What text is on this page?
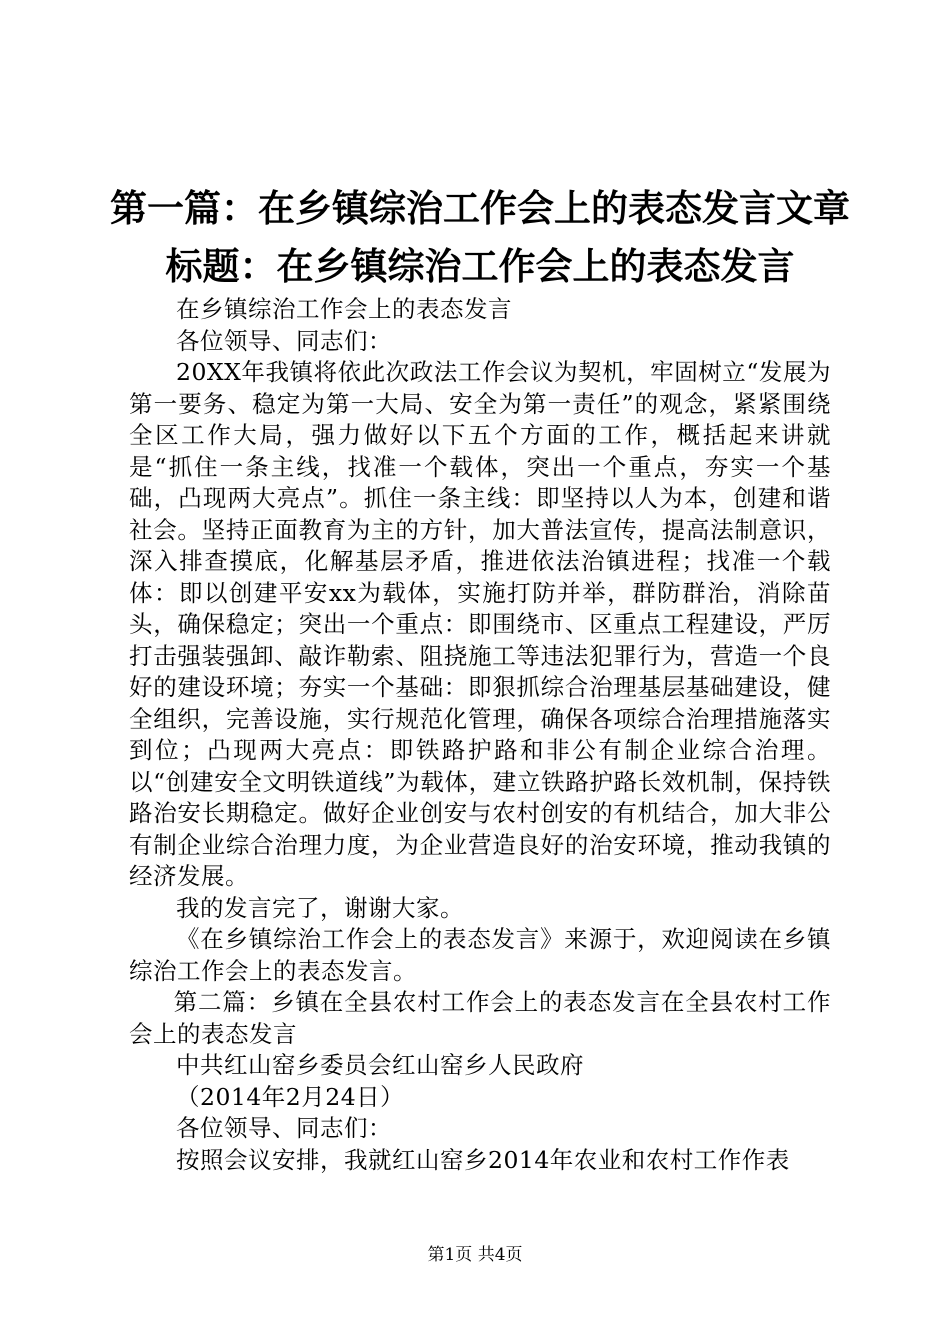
第一篇：在乡镇综治工作会上的表态发言文章
标题：在乡镇综治工作会上的表态发言

在乡镇综治工作会上的表态发言

各位领导、同志们：

20XX年我镇将依此次政法工作会议为契机，牢固树立“发展为第一要务、稳定为第一大局、安全为第一责任”的观念，紧紧围绕全区工作大局，强力做好以下五个方面的工作，概括起来讲就是“抓住一条主线，找准一个载体，突出一个重点，夯实一个基础，凸现两大亮点”。抓住一条主线：即坚持以人为本，创建和谐社会。坚持正面教育为主的方针，加大普法宣传，提高法制意识，深入排查摸底，化解基层矛盾，推进依法治镇进程；找准一个载体：即以创建平安xx为载体，实施打防并举，群防群治，消除苗头，确保稳定；突出一个重点：即围绕市、区重点工程建设，严厉打击强装强卸、敲诈勒索、阻挠施工等违法犯罪行为，营造一个良好的建设环境；夯实一个基础：即狠抓综合治理基层基础建设，健全组织，完善设施，实行规范化管理，确保各项综合治理措施落实到位；凸现两大亮点：即铁路护路和非公有制企业综合治理。以“创建安全文明铁道线”为载体，建立铁路护路长效机制，保持铁路治安长期稳定。做好企业创安与农村创安的有机结合，加大非公有制企业综合治理力度，为企业营造良好的治安环境，推动我镇的经济发展。

我的发言完了，谢谢大家。

《在乡镇综治工作会上的表态发言》来源于，欢迎阅读在乡镇综治工作会上的表态发言。

第二篇：乡镇在全县农村工作会上的表态发言在全县农村工作会上的表态发言

中共红山窑乡委员会红山窑乡人民政府

（2014年2月24日）

各位领导、同志们：

按照会议安排，我就红山窑乡2014年农业和农村工作作表

第1页 共4页
